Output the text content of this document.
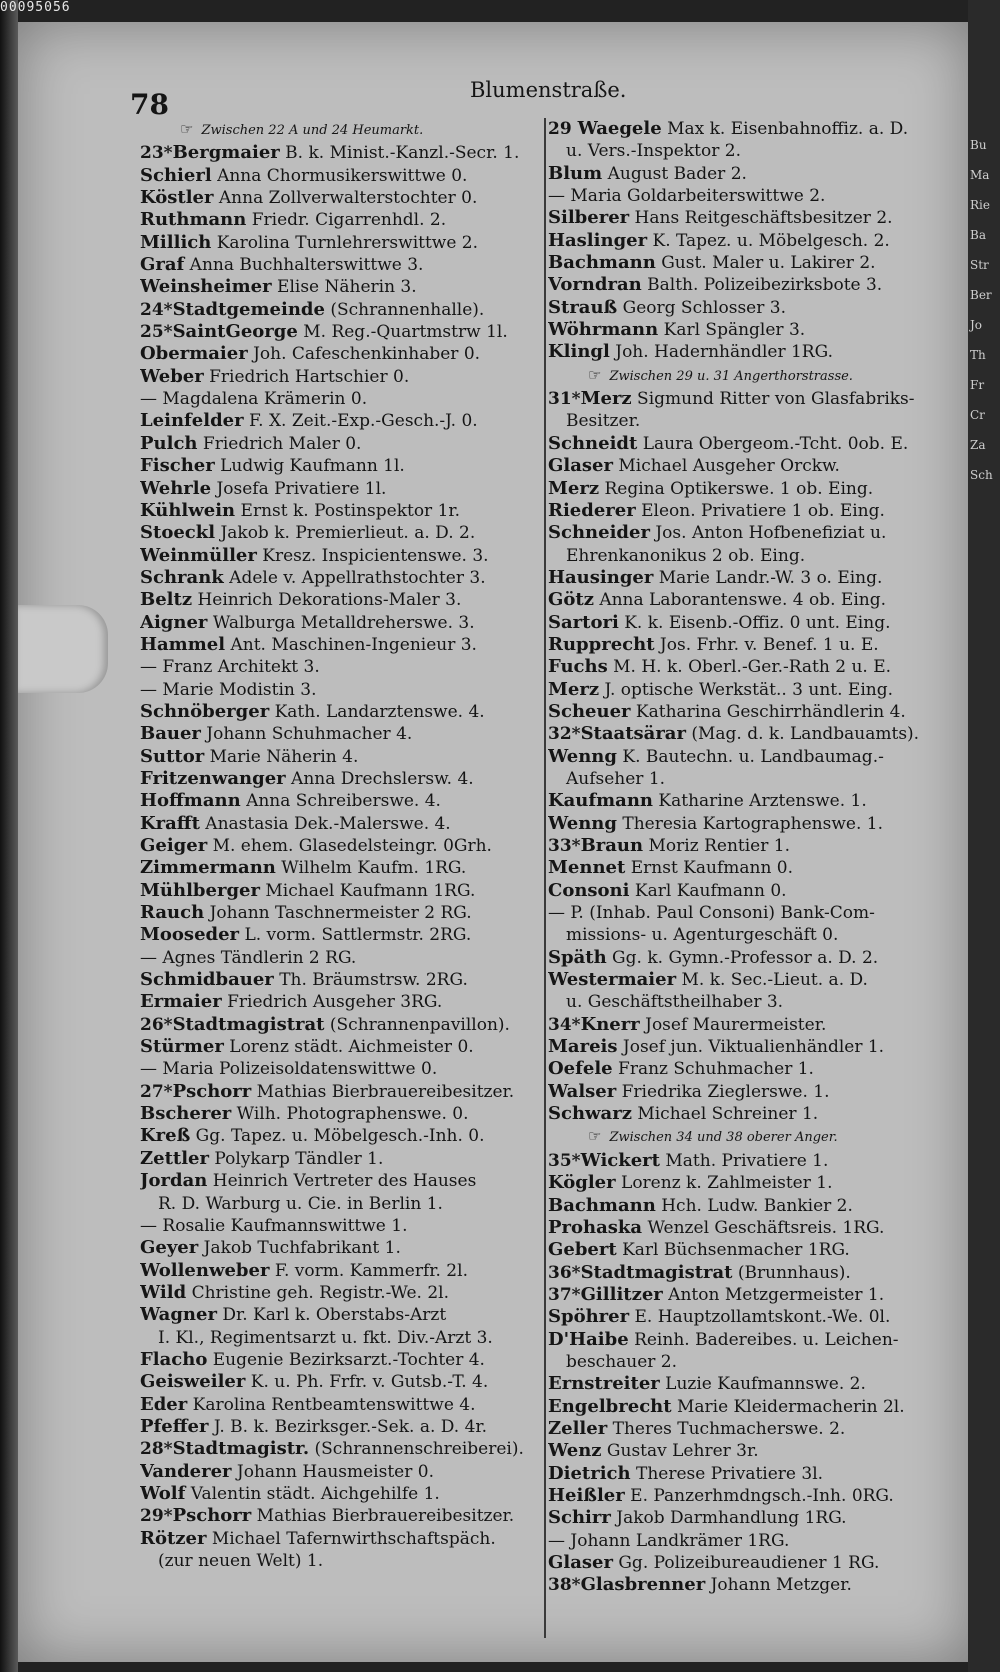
00095056
78	Blumenstraße.
☞ Zwischen 22 A und 24 Heumarkt.
23*Bergmaier B. k. Minist.-Kanzl.-Secr. 1.
Schierl Anna Chormusikerswittwe 0.
Köstler Anna Zollverwalterstochter 0.
Ruthmann Friedr. Cigarrenhdl. 2.
Millich Karolina Turnlehrerswittwe 2.
Graf Anna Buchhalterswittwe 3.
Weinsheimer Elise Näherin 3.
24*Stadtgemeinde (Schrannenhalle).
25*SaintGeorge M. Reg.-Quartmstrw 1l.
Obermaier Joh. Cafeschenkinhaber 0.
Weber Friedrich Hartschier 0.
— Magdalena Krämerin 0.
Leinfelder F. X. Zeit.-Exp.-Gesch.-J. 0.
Pulch Friedrich Maler 0.
Fischer Ludwig Kaufmann 1l.
Wehrle Josefa Privatiere 1l.
Kühlwein Ernst k. Postinspektor 1r.
Stoeckl Jakob k. Premierlieut. a. D. 2.
Weinmüller Kresz. Inspicientenswe. 3.
Schrank Adele v. Appellrathstochter 3.
Beltz Heinrich Dekorations-Maler 3.
Aigner Walburga Metalldreherswe. 3.
Hammel Ant. Maschinen-Ingenieur 3.
— Franz Architekt 3.
— Marie Modistin 3.
Schnöberger Kath. Landarztenswe. 4.
Bauer Johann Schuhmacher 4.
Suttor Marie Näherin 4.
Fritzenwanger Anna Drechslersw. 4.
Hoffmann Anna Schreiberswe. 4.
Krafft Anastasia Dek.-Malerswe. 4.
Geiger M. ehem. Glasedelsteingr. 0Grh.
Zimmermann Wilhelm Kaufm. 1RG.
Mühlberger Michael Kaufmann 1RG.
Rauch Johann Taschnermeister 2 RG.
Mooseder L. vorm. Sattlermstr. 2RG.
— Agnes Tändlerin 2 RG.
Schmidbauer Th. Bräumstrsw. 2RG.
Ermaier Friedrich Ausgeher 3RG.
26*Stadtmagistrat (Schrannenpavillon).
Stürmer Lorenz städt. Aichmeister 0.
— Maria Polizeisoldatenswittwe 0.
27*Pschorr Mathias Bierbrauereibesitzer.
Bscherer Wilh. Photographenswe. 0.
Kreß Gg. Tapez. u. Möbelgesch.-Inh. 0.
Zettler Polykarp Tändler 1.
Jordan Heinrich Vertreter des Hauses
R. D. Warburg u. Cie. in Berlin 1.
— Rosalie Kaufmannswittwe 1.
Geyer Jakob Tuchfabrikant 1.
Wollenweber F. vorm. Kammerfr. 2l.
Wild Christine geh. Registr.-We. 2l.
Wagner Dr. Karl k. Oberstabs-Arzt
I. Kl., Regimentsarzt u. fkt. Div.-Arzt 3.
Flacho Eugenie Bezirksarzt.-Tochter 4.
Geisweiler K. u. Ph. Frfr. v. Gutsb.-T. 4.
Eder Karolina Rentbeamtenswittwe 4.
Pfeffer J. B. k. Bezirksger.-Sek. a. D. 4r.
28*Stadtmagistr. (Schrannenschreiberei).
Vanderer Johann Hausmeister 0.
Wolf Valentin städt. Aichgehilfe 1.
29*Pschorr Mathias Bierbrauereibesitzer.
Rötzer Michael Tafernwirthschaftspäch.
(zur neuen Welt) 1.
29 Waegele Max k. Eisenbahnoffiz. a. D.
u. Vers.-Inspektor 2.
Blum August Bader 2.
— Maria Goldarbeiterswittwe 2.
Silberer Hans Reitgeschäftsbesitzer 2.
Haslinger K. Tapez. u. Möbelgesch. 2.
Bachmann Gust. Maler u. Lakirer 2.
Vorndran Balth. Polizeibezirksbote 3.
Strauß Georg Schlosser 3.
Wöhrmann Karl Spängler 3.
Klingl Joh. Hadernhändler 1RG.
☞ Zwischen 29 u. 31 Angerthorstrasse.
31*Merz Sigmund Ritter von Glasfabriks-
Besitzer.
Schneidt Laura Obergeom.-Tcht. 0ob. E.
Glaser Michael Ausgeher Orckw.
Merz Regina Optikerswe. 1 ob. Eing.
Riederer Eleon. Privatiere 1 ob. Eing.
Schneider Jos. Anton Hofbenefiziat u.
Ehrenkanonikus 2 ob. Eing.
Hausinger Marie Landr.-W. 3 o. Eing.
Götz Anna Laborantenswe. 4 ob. Eing.
Sartori K. k. Eisenb.-Offiz. 0 unt. Eing.
Rupprecht Jos. Frhr. v. Benef. 1 u. E.
Fuchs M. H. k. Oberl.-Ger.-Rath 2 u. E.
Merz J. optische Werkstät.. 3 unt. Eing.
Scheuer Katharina Geschirrhändlerin 4.
32*Staatsärar (Mag. d. k. Landbauamts).
Wenng K. Bautechn. u. Landbaumag.-
Aufseher 1.
Kaufmann Katharine Arztenswe. 1.
Wenng Theresia Kartographenswe. 1.
33*Braun Moriz Rentier 1.
Mennet Ernst Kaufmann 0.
Consoni Karl Kaufmann 0.
— P. (Inhab. Paul Consoni) Bank-Com-
missions- u. Agenturgeschäft 0.
Späth Gg. k. Gymn.-Professor a. D. 2.
Westermaier M. k. Sec.-Lieut. a. D.
u. Geschäftstheilhaber 3.
34*Knerr Josef Maurermeister.
Mareis Josef jun. Viktualienhändler 1.
Oefele Franz Schuhmacher 1.
Walser Friedrika Zieglerswe. 1.
Schwarz Michael Schreiner 1.
☞ Zwischen 34 und 38 oberer Anger.
35*Wickert Math. Privatiere 1.
Kögler Lorenz k. Zahlmeister 1.
Bachmann Hch. Ludw. Bankier 2.
Prohaska Wenzel Geschäftsreis. 1RG.
Gebert Karl Büchsenmacher 1RG.
36*Stadtmagistrat (Brunnhaus).
37*Gillitzer Anton Metzgermeister 1.
Spöhrer E. Hauptzollamtskont.-We. 0l.
D'Haibe Reinh. Badereibes. u. Leichen-
beschauer 2.
Ernstreiter Luzie Kaufmannswe. 2.
Engelbrecht Marie Kleidermacherin 2l.
Zeller Theres Tuchmacherswe. 2.
Wenz Gustav Lehrer 3r.
Dietrich Therese Privatiere 3l.
Heißler E. Panzerhmdngsch.-Inh. 0RG.
Schirr Jakob Darmhandlung 1RG.
— Johann Landkrämer 1RG.
Glaser Gg. Polizeibureaudiener 1 RG.
38*Glasbrenner Johann Metzger.
Bu Ma Rie Ba Str Ber Jo Th Fr Cr Za Sch
